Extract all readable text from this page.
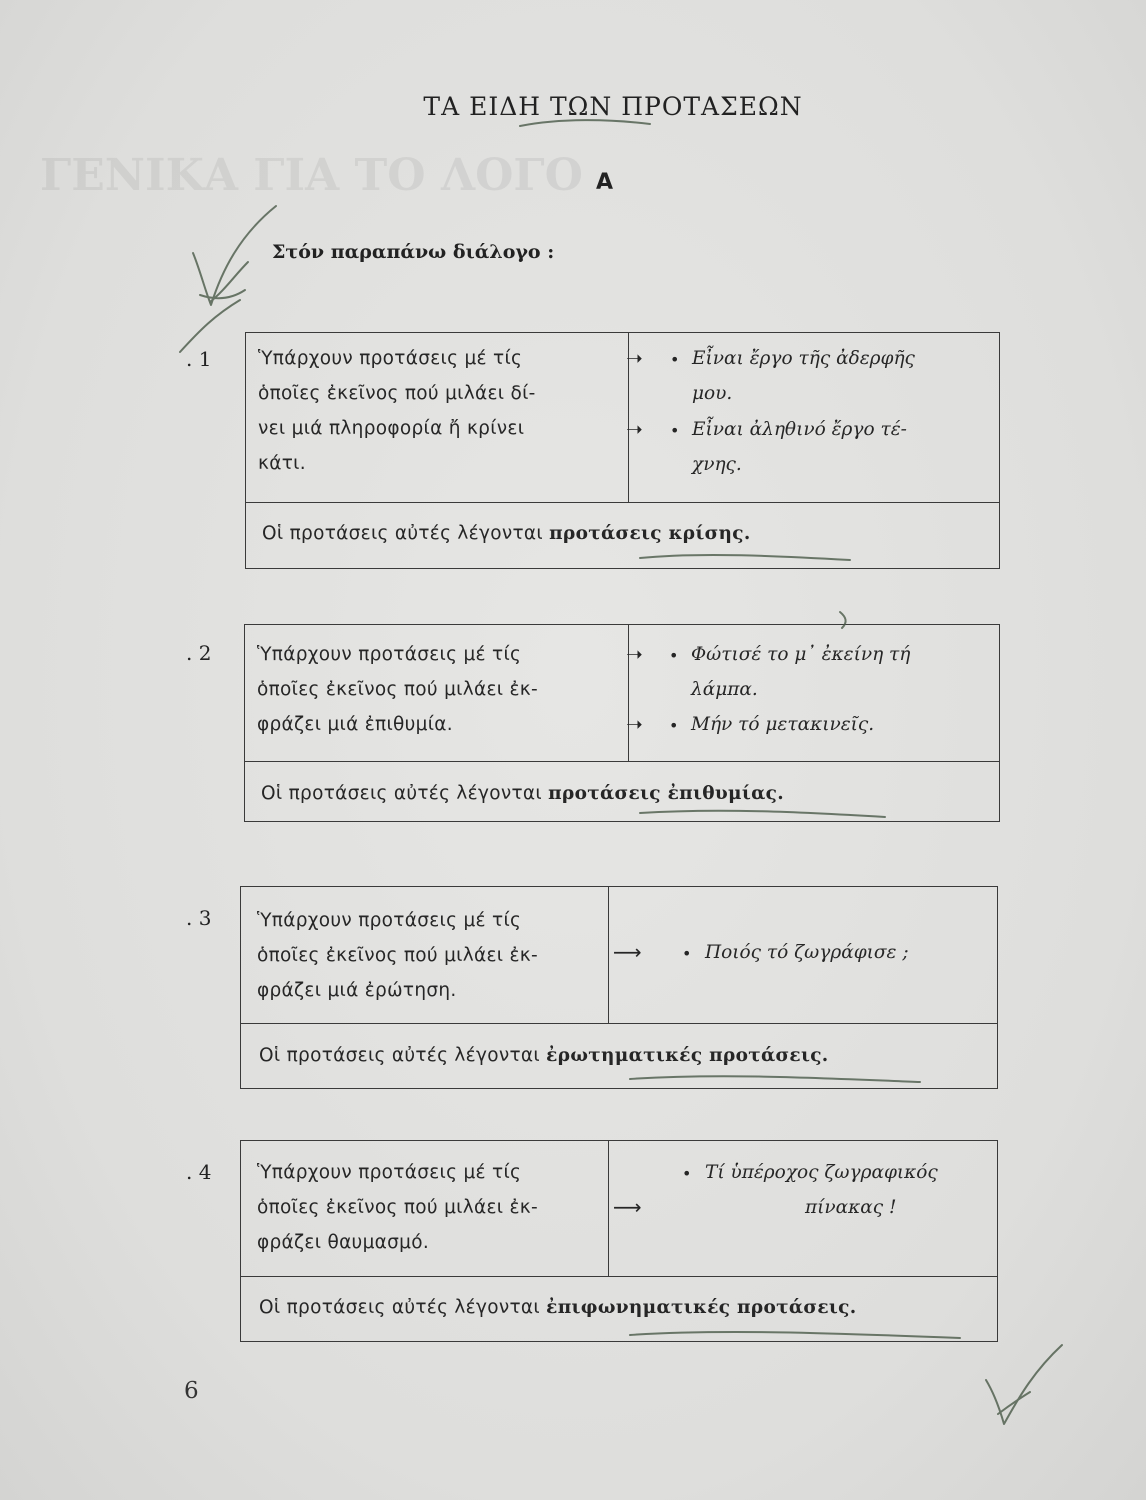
ΓΕΝΙΚΑ ΓΙΑ ΤΟ ΛΟΓΟ
ΤΑ ΕΙΔΗ ΤΩΝ ΠΡΟΤΑΣΕΩΝ
Α
Στόν παραπάνω διάλογο :
. 1	Ὑπάρχουν προτάσεις μέ τίς
ὁποῖες ἐκεῖνος πού μιλάει δί-
νει μιά πληροφορία ἤ κρίνει
κάτι.
➝ • Εἶναι ἔργο τῆς ἀδερφῆς
μου.
➝ • Εἶναι ἀληθινό ἔργο τέ-
χνης.
Οἱ προτάσεις αὐτές λέγονται προτάσεις κρίσης.
. 2 Ὑπάρχουν προτάσεις μέ τίς
ὁποῖες ἐκεῖνος πού μιλάει ἐκ-
φράζει μιά ἐπιθυμία.
➝ • Φώτισέ το μ᾽ ἐκείνη τή
λάμπα.
➝ • Μήν τό μετακινεῖς.
Οἱ προτάσεις αὐτές λέγονται προτάσεις ἐπιθυμίας.
. 3 Ὑπάρχουν προτάσεις μέ τίς
ὁποῖες ἐκεῖνος πού μιλάει ἐκ-
φράζει μιά ἐρώτηση.
⟶	• Ποιός τό ζωγράφισε ;
Οἱ προτάσεις αὐτές λέγονται ἐρωτηματικές προτάσεις.
. 4 Ὑπάρχουν προτάσεις μέ τίς
ὁποῖες ἐκεῖνος πού μιλάει ἐκ-
φράζει θαυμασμό.
⟶
• Τί ὑπέροχος ζωγραφικός
πίνακας !
Οἱ προτάσεις αὐτές λέγονται ἐπιφωνηματικές προτάσεις.
6
